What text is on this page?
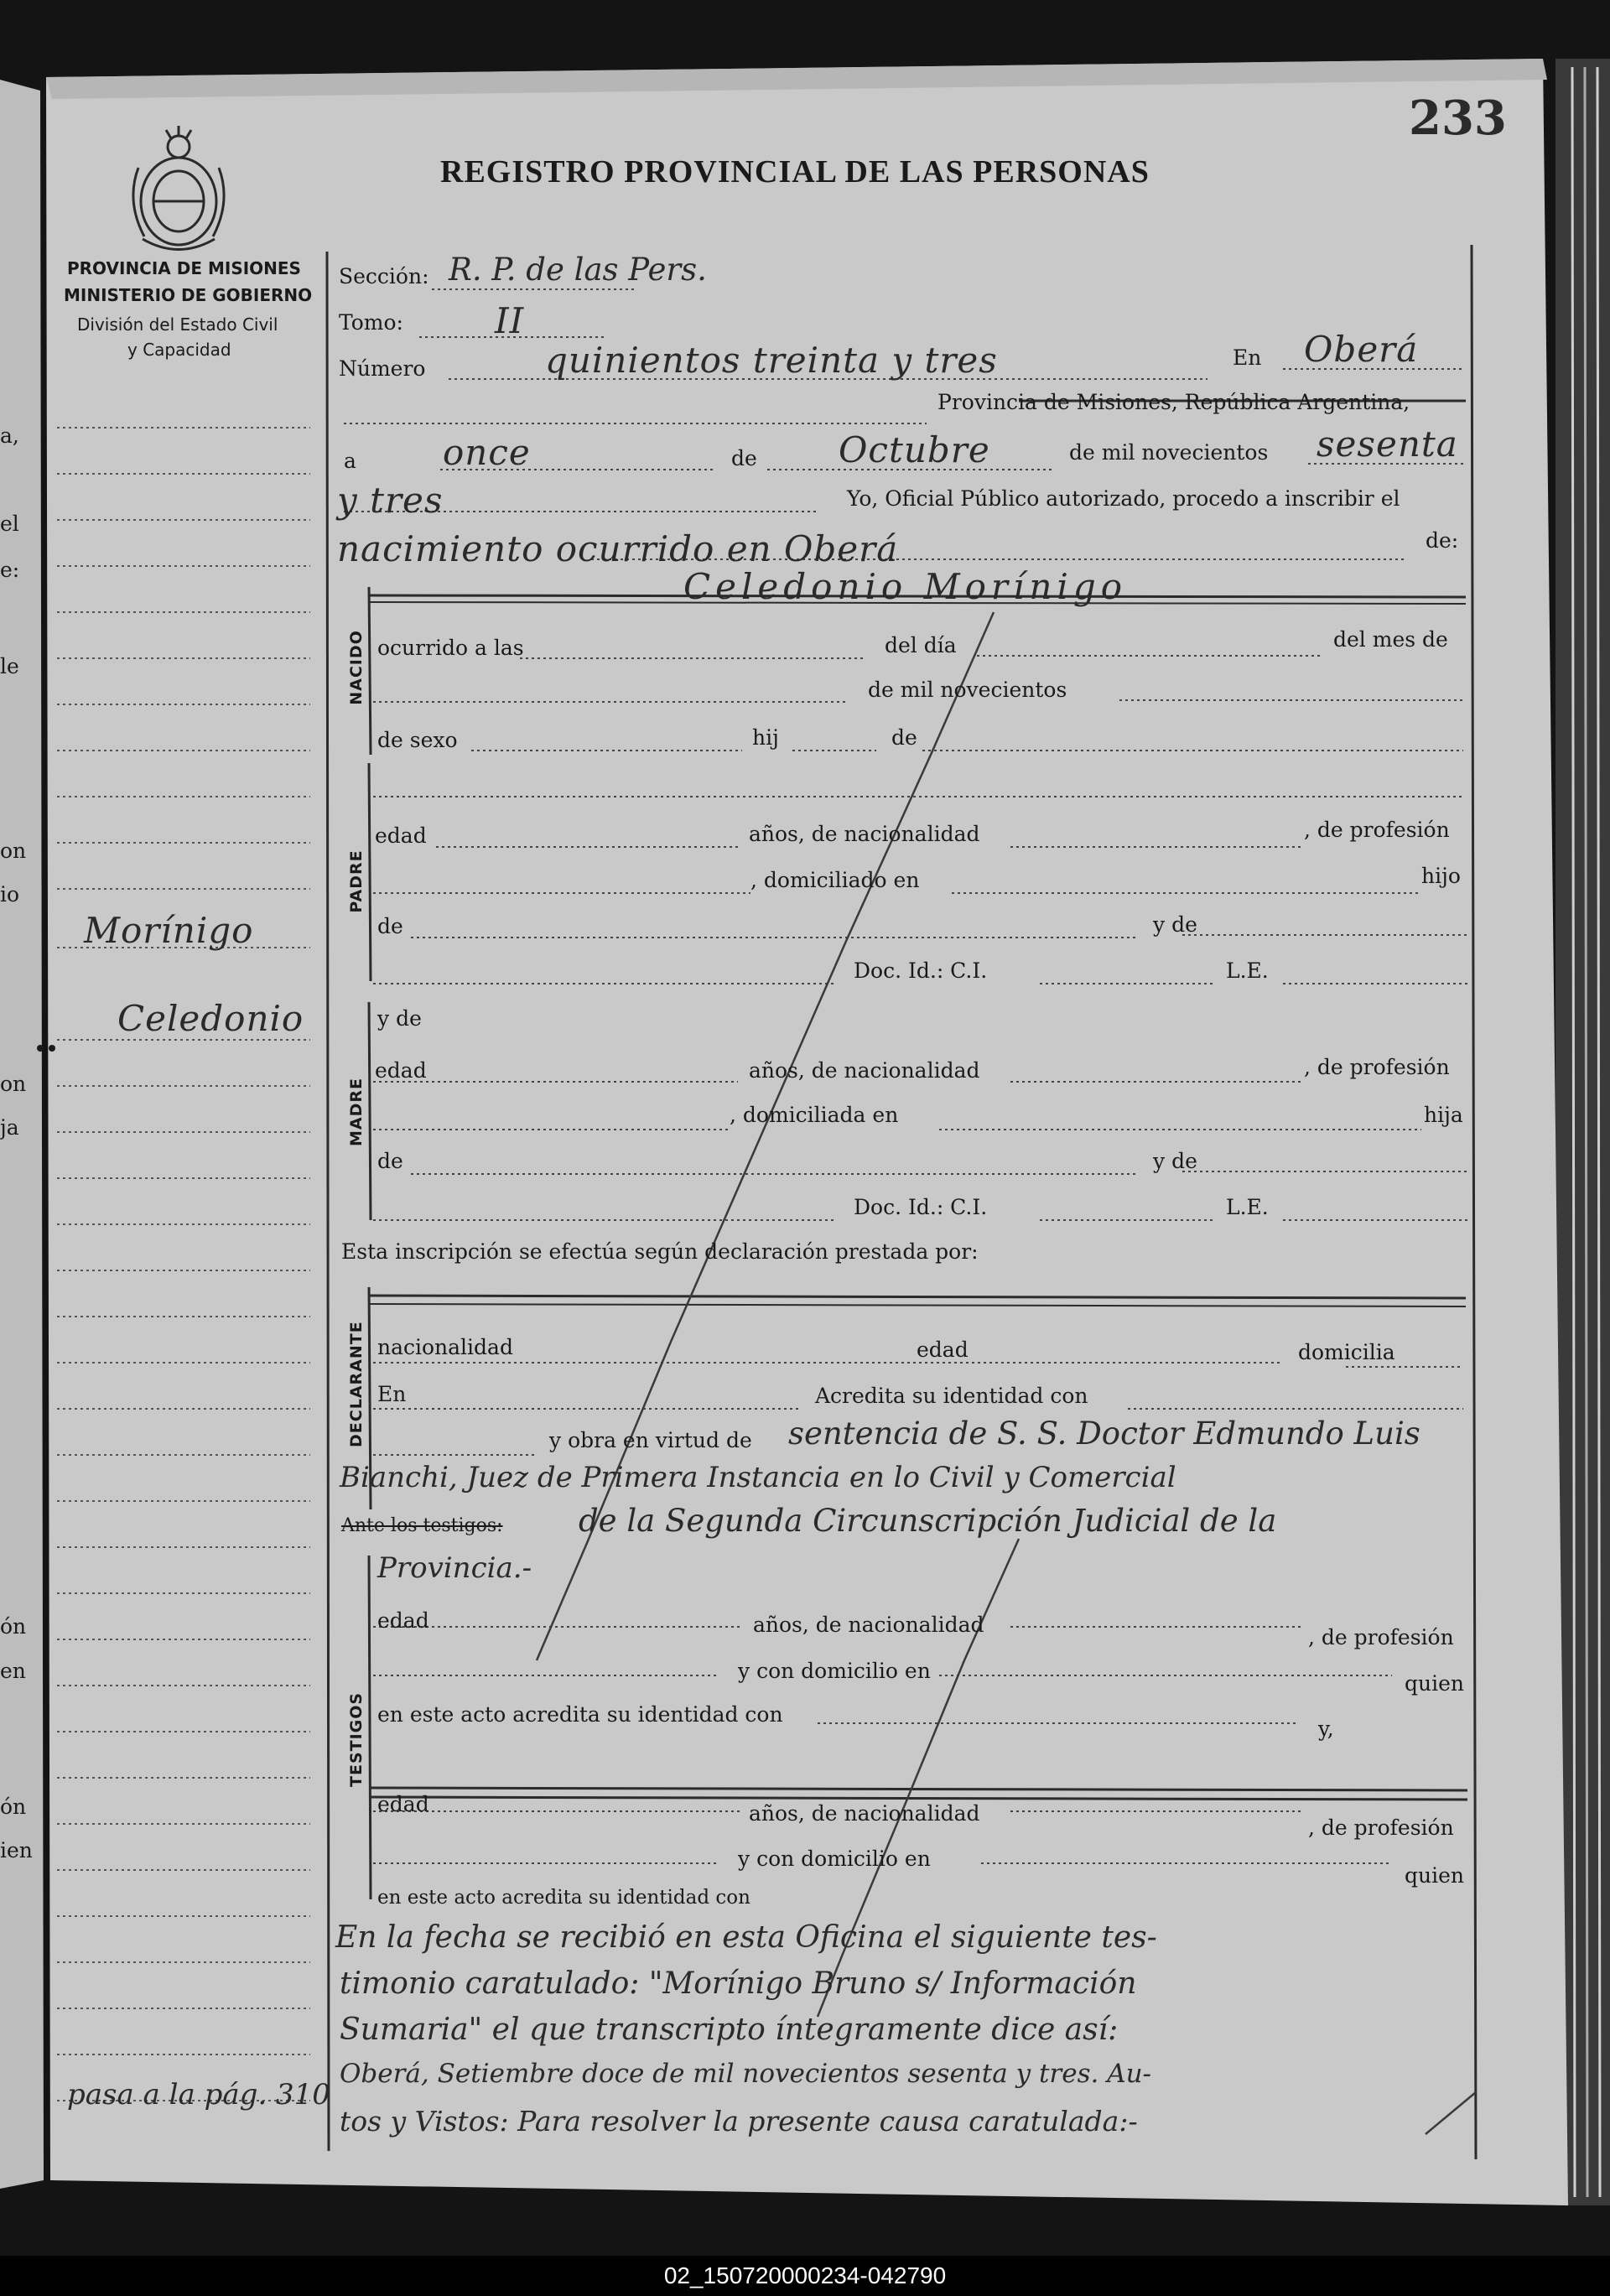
233
REGISTRO PROVINCIAL DE LAS PERSONAS
PROVINCIA DE MISIONES
MINISTERIO DE GOBIERNO
División del Estado Civil
y Capacidad
a,
el
e:
le
on
io
on
ja
ón
en
ón
ien
Morínigo
Celedonio
pasa a la pág. 310
Sección: R. P. de las Pers.
Tomo:	II
Número	quinientos treinta y tres	En Oberá
Provincia de Misiones, República Argentina,
a once	de Octubre	de mil novecientos sesenta
y tres	Yo, Oficial Público autorizado, procedo a inscribir el
nacimiento ocurrido en Oberá	de:
Celedonio Morínigo
NACIDO ocurrido a las	del día	del mes de
de mil novecientos
de sexo	hij	de
PADRE
edad	años, de nacionalidad	, de profesión
, domiciliado en	hijo
de	y de
Doc. Id.: C.I.	L.E.
MADRE
y de
edad	años, de nacionalidad	, de profesión
, domiciliada en	hija
de	y de
Doc. Id.: C.I.	L.E.
Esta inscripción se efectúa según declaración prestada por:
DECLARANTE nacionalidad	edad	domicilia
En	Acredita su identidad con
y obra en virtud de sentencia de S. S. Doctor Edmundo Luis
Bianchi, Juez de Primera Instancia en lo Civil y Comercial
Ante los testigos: de la Segunda Circunscripción Judicial de la
Provincia.-
TESTIGOS
edad	años, de nacionalidad
, de profesión
y con domicilio en
quien
en este acto acredita su identidad con
y,
edad	años, de nacionalidad
, de profesión
y con domicilio en
quien
en este acto acredita su identidad con
En la fecha se recibió en esta Oficina el siguiente tes-
timonio caratulado: "Morínigo Bruno s/ Información
Sumaria" el que transcripto íntegramente dice así:
Oberá, Setiembre doce de mil novecientos sesenta y tres. Au-
tos y Vistos: Para resolver la presente causa caratulada:-
02_150720000234-042790
